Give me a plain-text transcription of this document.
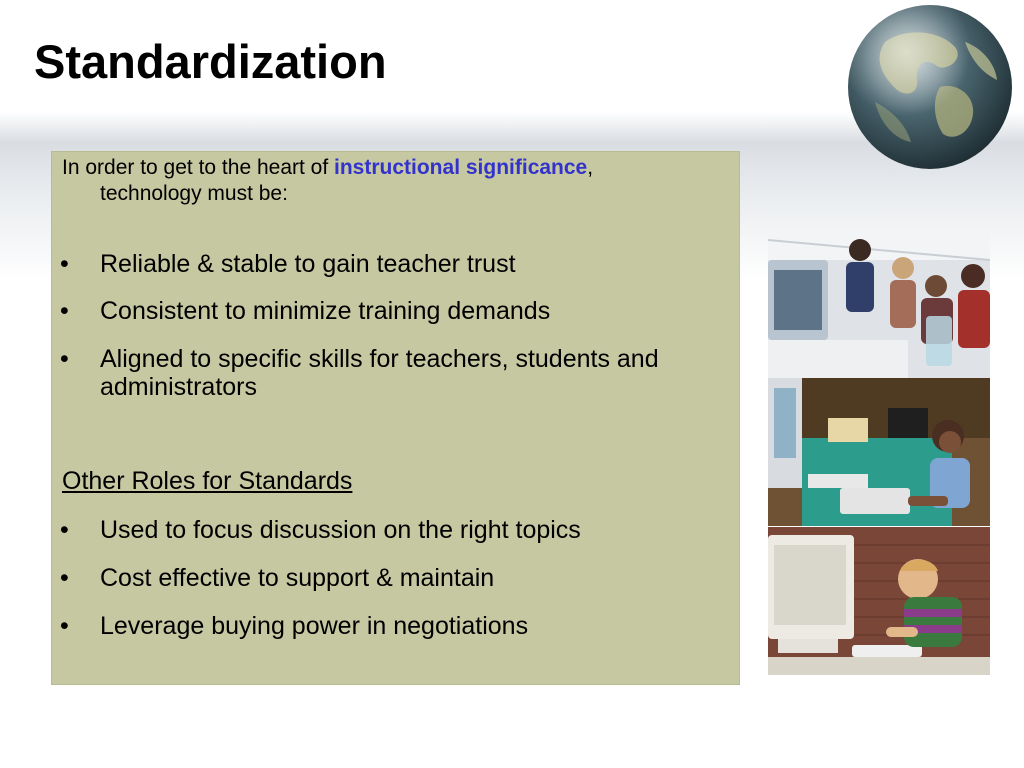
Standardization
In order to get to the heart of instructional significance,
technology must be:
•	Reliable & stable to gain teacher trust
•	Consistent to minimize training demands
•	Aligned to specific skills for teachers, students and administrators
Other Roles for Standards
•	Used to focus discussion on the right topics
•	Cost effective to support & maintain
•	Leverage buying power in negotiations
